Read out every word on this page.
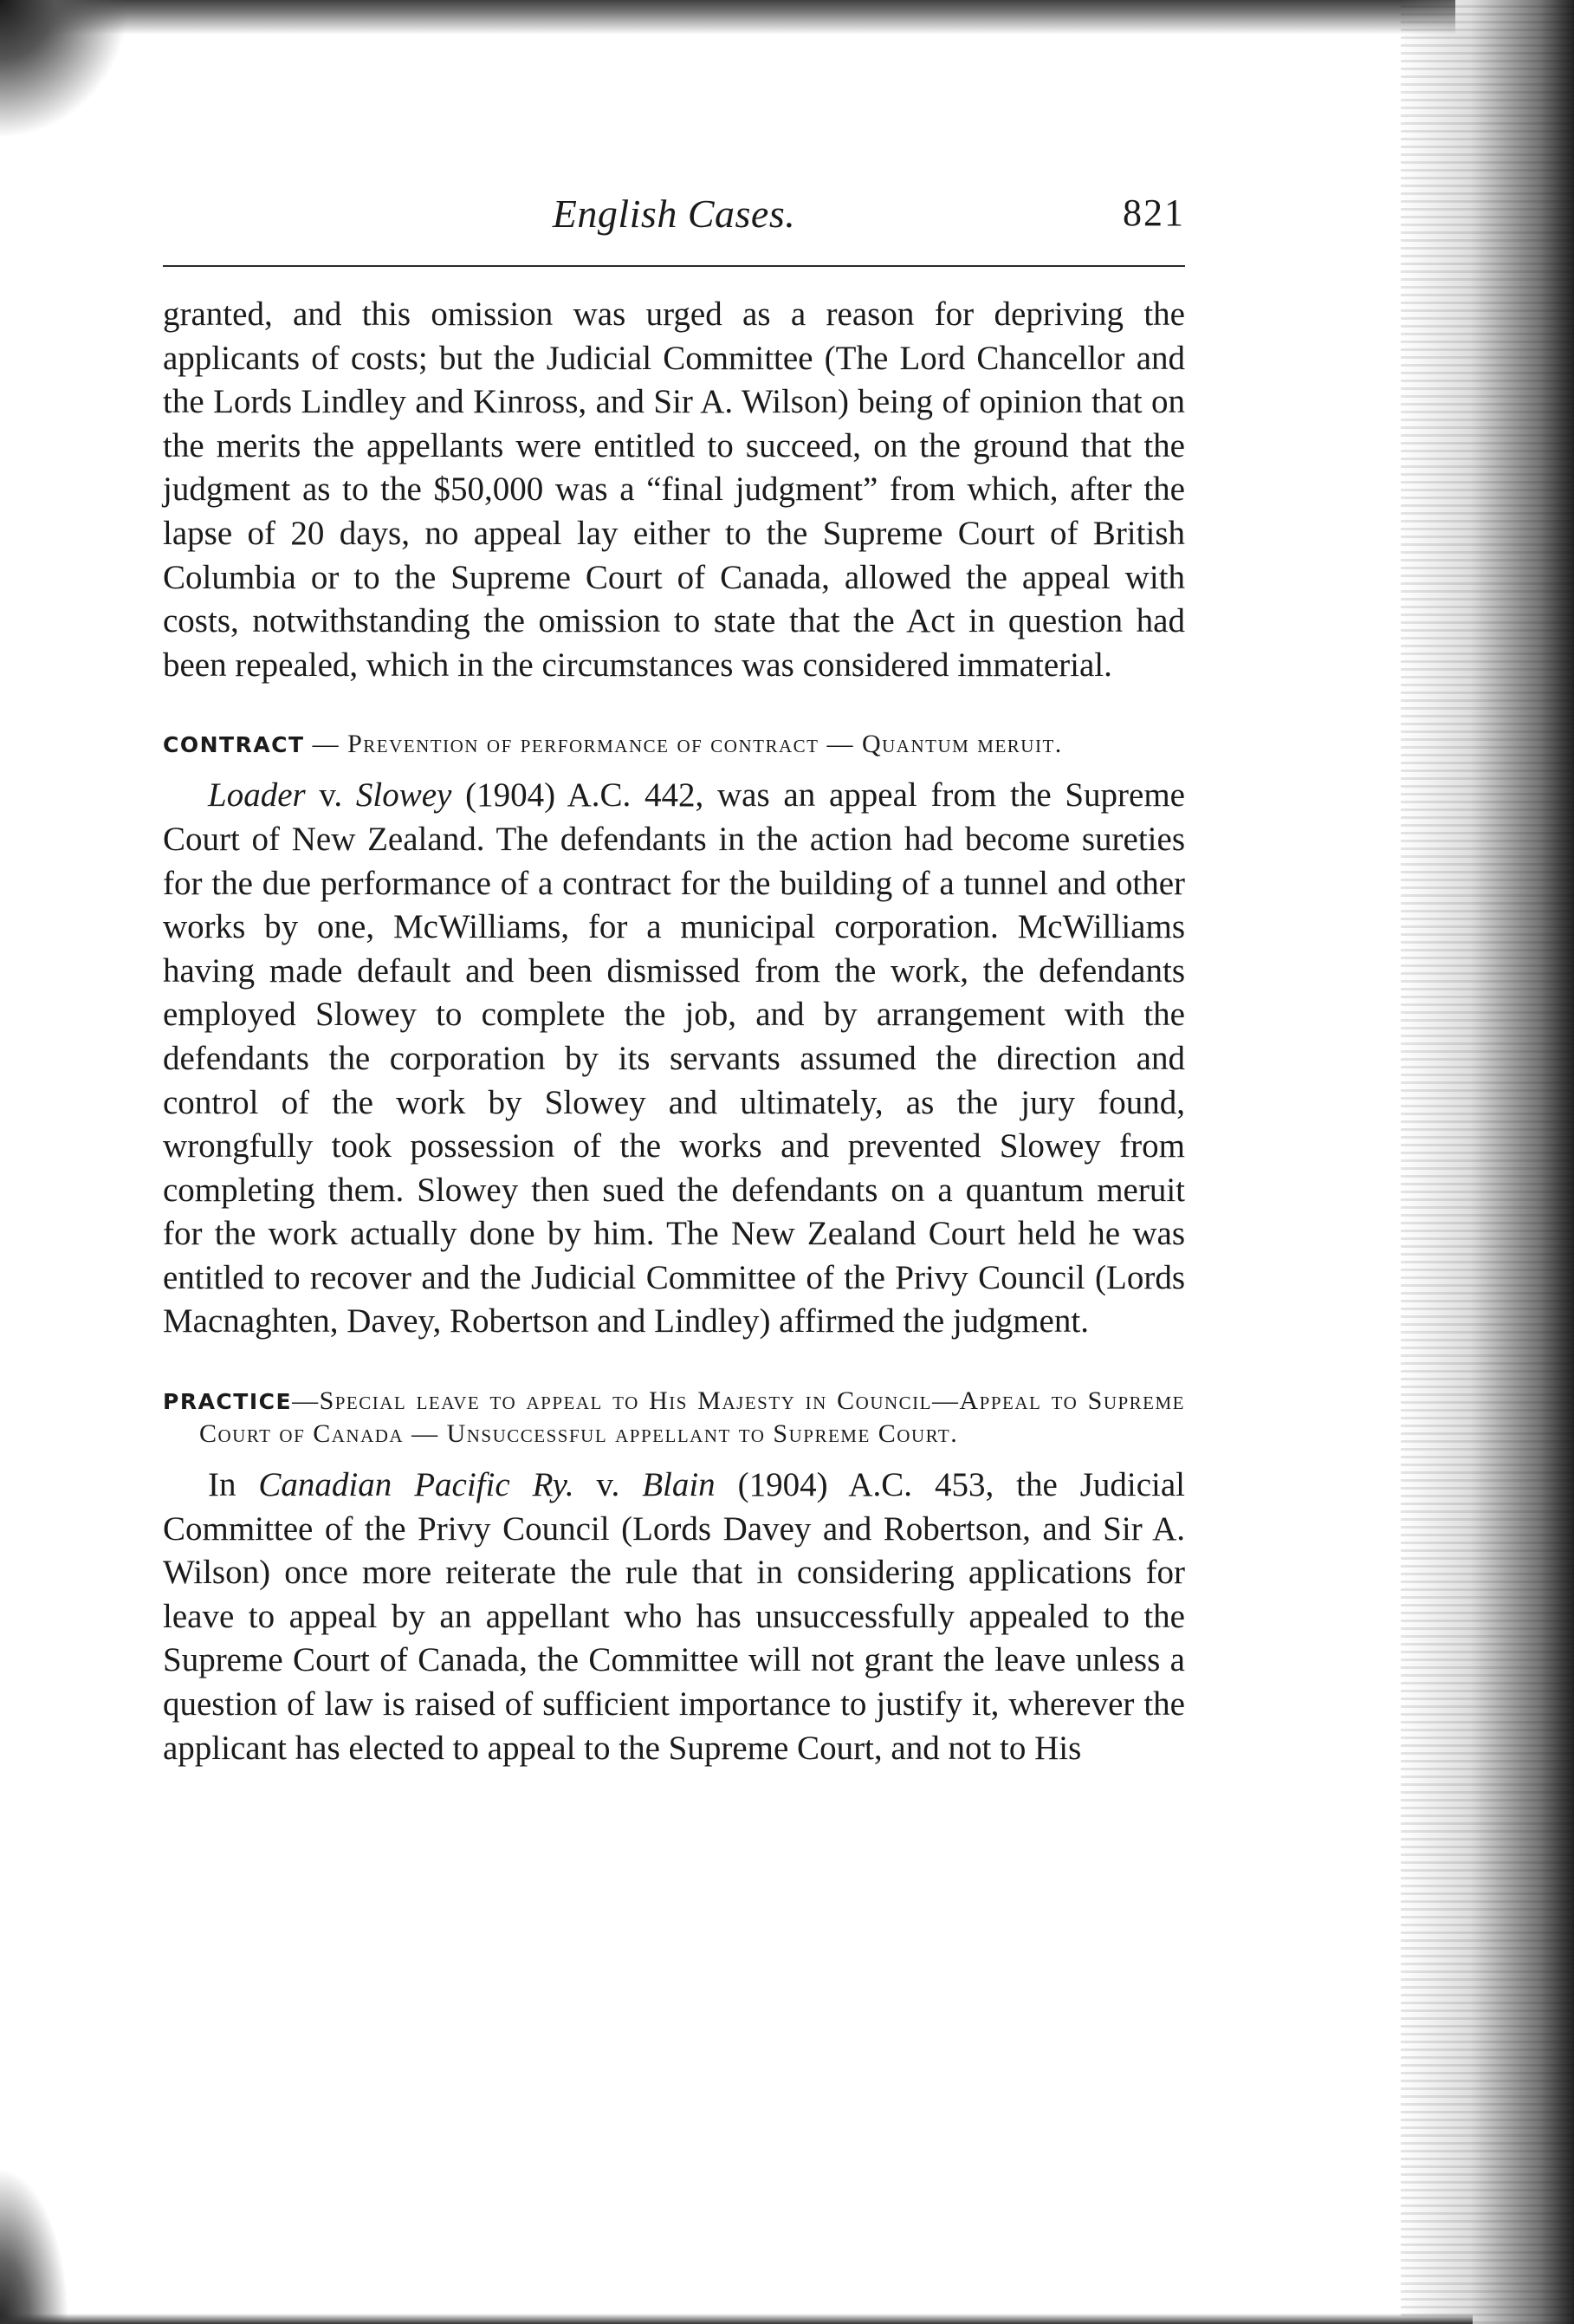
English Cases.	821

granted, and this omission was urged as a reason for depriving the applicants of costs; but the Judicial Committee (The Lord Chancellor and the Lords Lindley and Kinross, and Sir A. Wilson) being of opinion that on the merits the appellants were entitled to succeed, on the ground that the judgment as to the $50,000 was a “final judgment” from which, after the lapse of 20 days, no appeal lay either to the Supreme Court of British Columbia or to the Supreme Court of Canada, allowed the appeal with costs, notwithstanding the omission to state that the Act in question had been repealed, which in the circumstances was considered immaterial.

CONTRACT — Prevention of performance of contract — Quantum meruit.

Loader v. Slowey (1904) A.C. 442, was an appeal from the Supreme Court of New Zealand. The defendants in the action had become sureties for the due performance of a contract for the building of a tunnel and other works by one, McWilliams, for a municipal corporation. McWilliams having made default and been dismissed from the work, the defendants employed Slowey to complete the job, and by arrangement with the defendants the corporation by its servants assumed the direction and control of the work by Slowey and ultimately, as the jury found, wrongfully took possession of the works and prevented Slowey from completing them. Slowey then sued the defendants on a quantum meruit for the work actually done by him. The New Zealand Court held he was entitled to recover and the Judicial Committee of the Privy Council (Lords Macnaghten, Davey, Robertson and Lindley) affirmed the judgment.

PRACTICE—Special leave to appeal to His Majesty in Council—Appeal to Supreme Court of Canada — Unsuccessful appellant to Supreme Court.

In Canadian Pacific Ry. v. Blain (1904) A.C. 453, the Judicial Committee of the Privy Council (Lords Davey and Robertson, and Sir A. Wilson) once more reiterate the rule that in considering applications for leave to appeal by an appellant who has unsuccessfully appealed to the Supreme Court of Canada, the Committee will not grant the leave unless a question of law is raised of sufficient importance to justify it, wherever the applicant has elected to appeal to the Supreme Court, and not to His
